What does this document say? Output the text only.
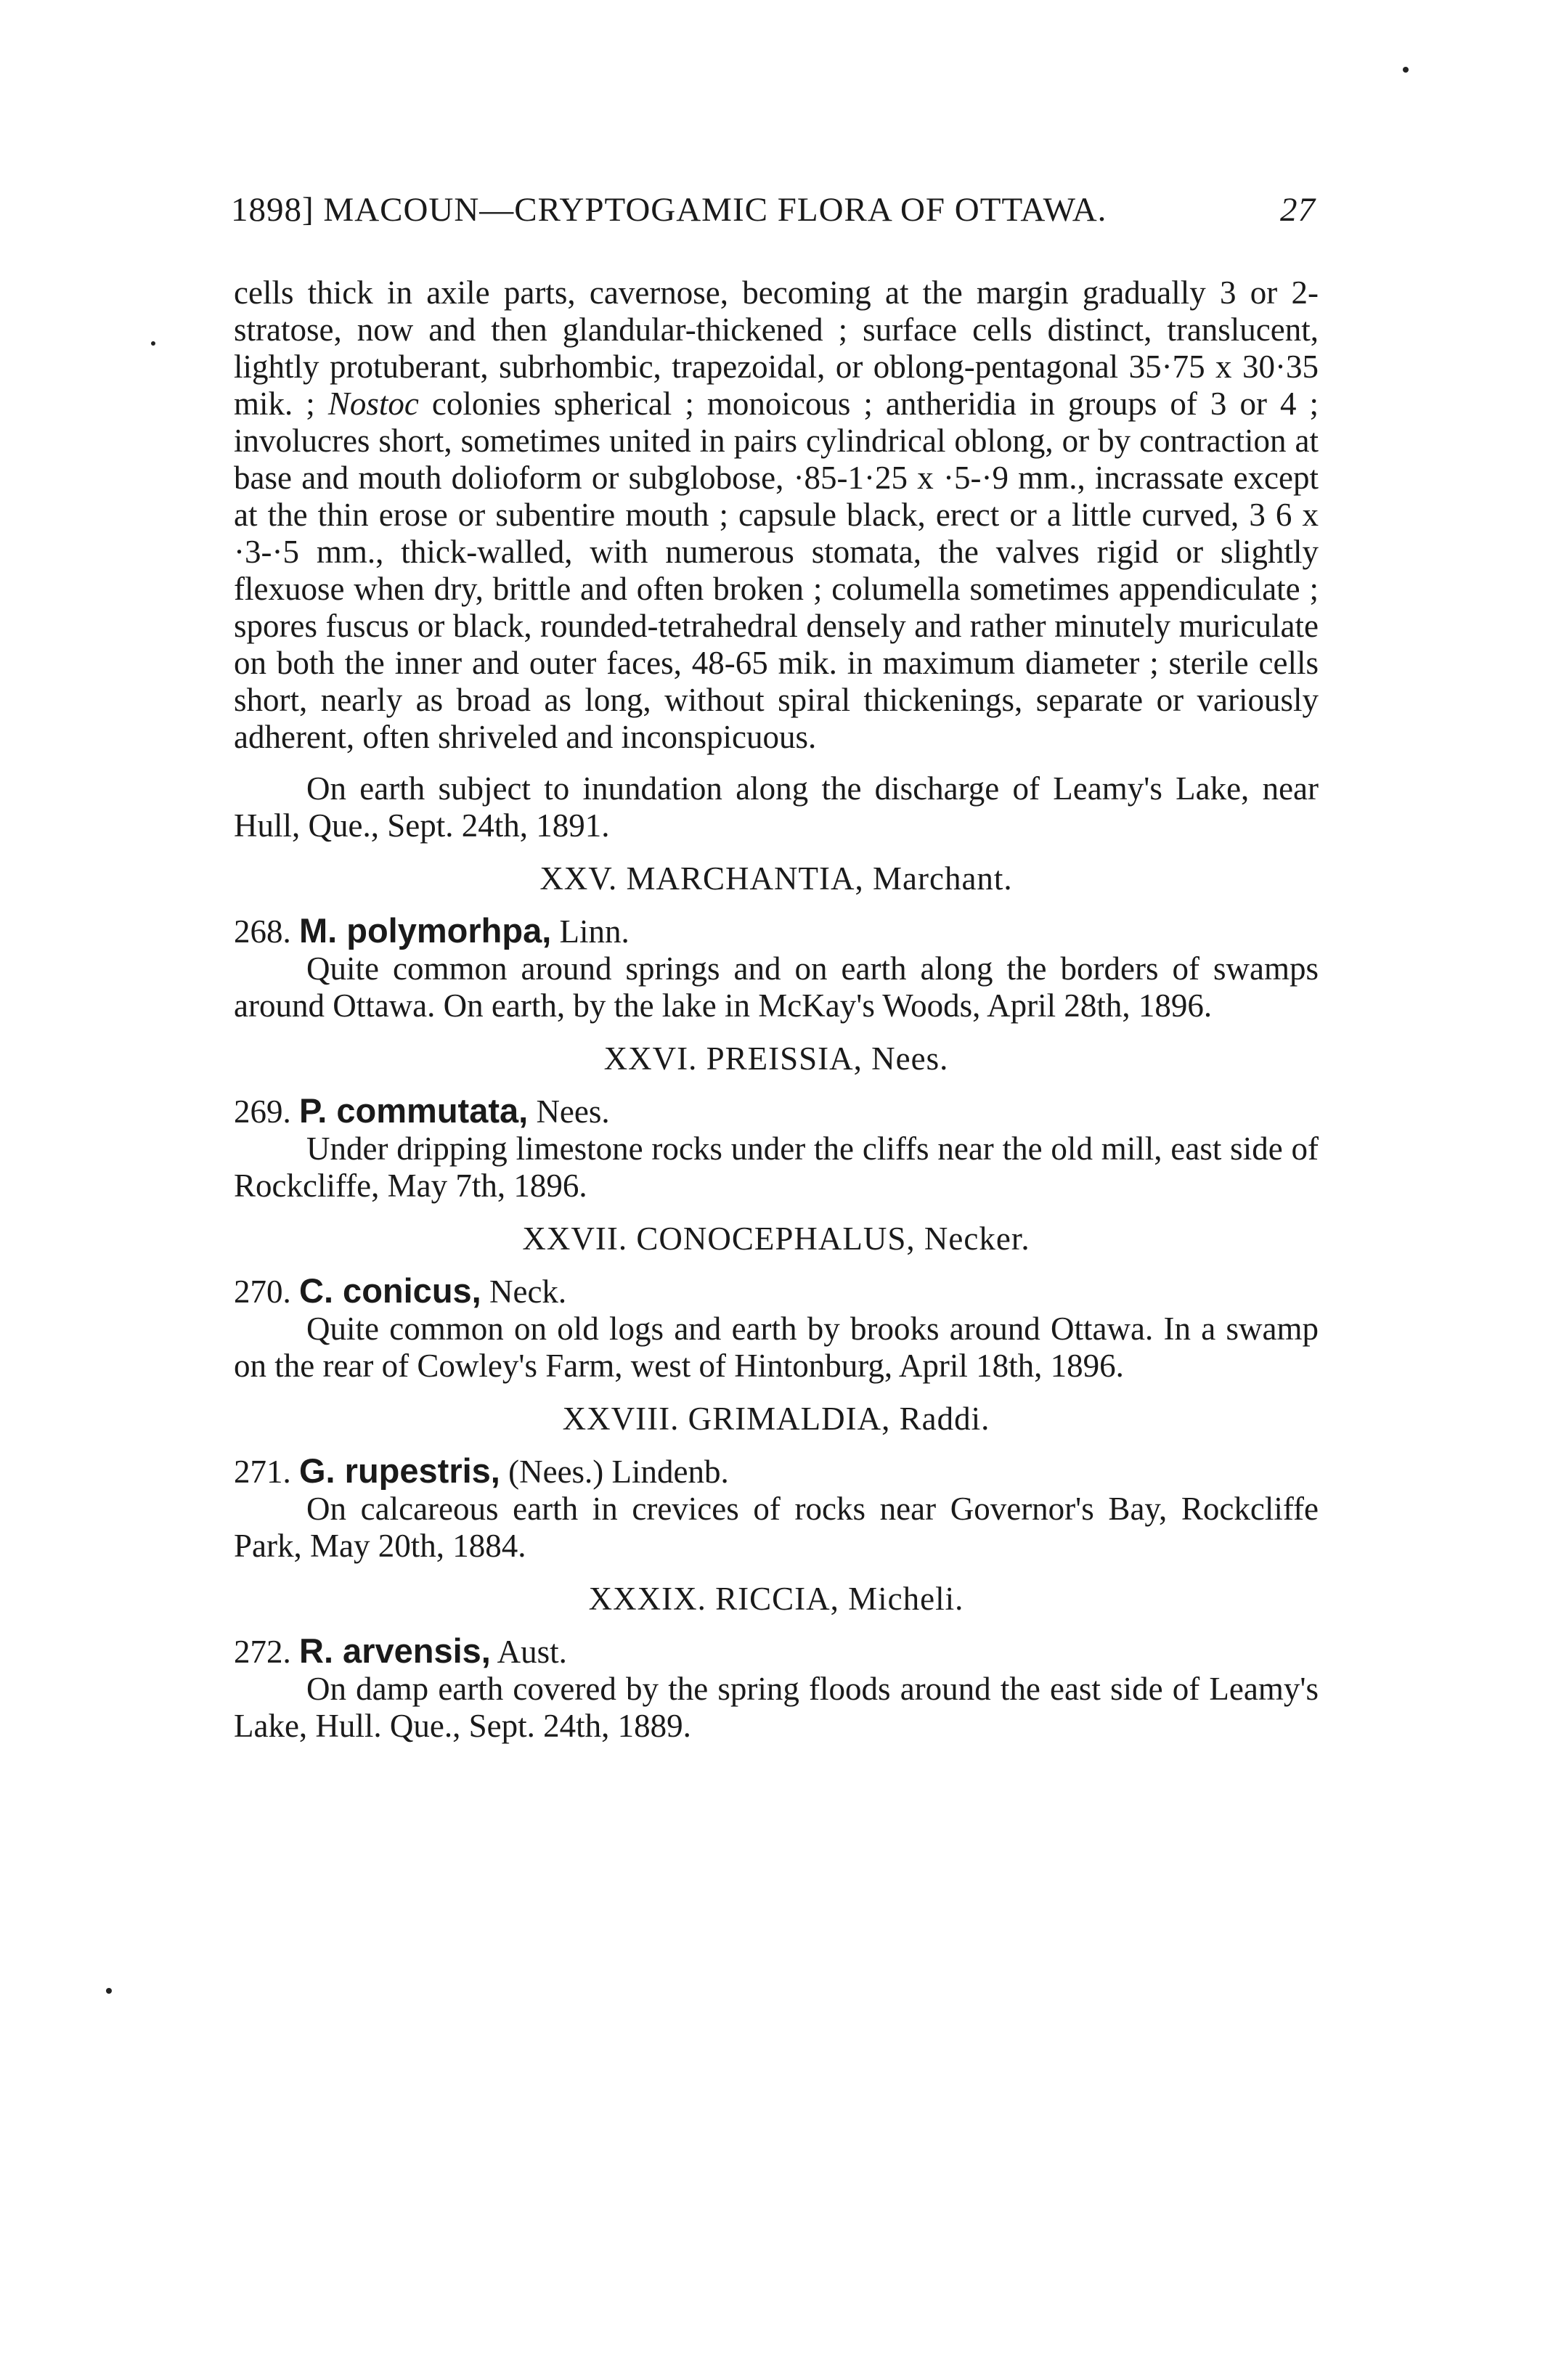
1898] MACOUN—CRYPTOGAMIC FLORA OF OTTAWA.	27

cells thick in axile parts, cavernose, becoming at the margin gradually 3 or 2-stratose, now and then glandular-thickened ; surface cells distinct, translucent, lightly protuberant, subrhombic, trapezoidal, or oblong-pentagonal 35·75 x 30·35 mik. ; Nostoc colonies spherical ; monoicous ; antheridia in groups of 3 or 4 ; involucres short, sometimes united in pairs cylindrical oblong, or by contraction at base and mouth dolioform or subglobose, ·85-1·25 x ·5-·9 mm., incrassate except at the thin erose or subentire mouth ; capsule black, erect or a little curved, 3 6 x ·3-·5 mm., thick-walled, with numerous stomata, the valves rigid or slightly flexuose when dry, brittle and often broken ; columella sometimes appendiculate ; spores fuscus or black, rounded-tetrahedral densely and rather minutely muriculate on both the inner and outer faces, 48-65 mik. in maximum diameter ; sterile cells short, nearly as broad as long, without spiral thickenings, separate or variously adherent, often shriveled and inconspicuous.

On earth subject to inundation along the discharge of Leamy's Lake, near Hull, Que., Sept. 24th, 1891.

XXV. MARCHANTIA, Marchant.

268. M. polymorhpa, Linn.

Quite common around springs and on earth along the borders of swamps around Ottawa. On earth, by the lake in McKay's Woods, April 28th, 1896.

XXVI. PREISSIA, Nees.

269. P. commutata, Nees.

Under dripping limestone rocks under the cliffs near the old mill, east side of Rockcliffe, May 7th, 1896.

XXVII. CONOCEPHALUS, Necker.

270. C. conicus, Neck.

Quite common on old logs and earth by brooks around Ottawa. In a swamp on the rear of Cowley's Farm, west of Hintonburg, April 18th, 1896.

XXVIII. GRIMALDIA, Raddi.

271. G. rupestris, (Nees.) Lindenb.

On calcareous earth in crevices of rocks near Governor's Bay, Rockcliffe Park, May 20th, 1884.

XXXIX. RICCIA, Micheli.

272. R. arvensis, Aust.

On damp earth covered by the spring floods around the east side of Leamy's Lake, Hull. Que., Sept. 24th, 1889.
